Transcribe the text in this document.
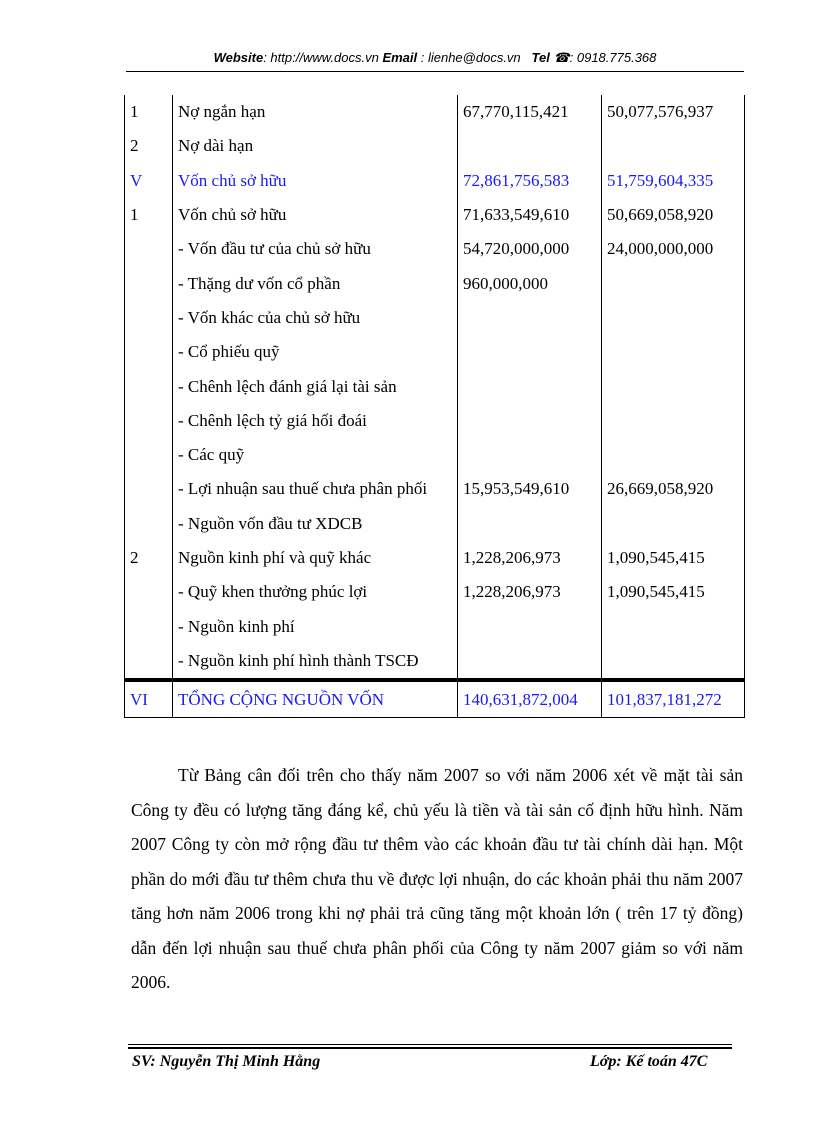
Website: http://www.docs.vn Email : lienhe@docs.vn Tel ☎: 0918.775.368
1	Nợ ngắn hạn	67,770,115,421	50,077,576,937
2	Nợ dài hạn		
V	Vốn chủ sở hữu	72,861,756,583	51,759,604,335
1	Vốn chủ sở hữu	71,633,549,610	50,669,058,920
	- Vốn đầu tư của chủ sở hữu	54,720,000,000	24,000,000,000
	- Thặng dư vốn cổ phần	960,000,000	
	- Vốn khác của chủ sở hữu		
	- Cổ phiếu quỹ		
	- Chênh lệch đánh giá lại tài sản		
	- Chênh lệch tỷ giá hối đoái		
	- Các quỹ		
	- Lợi nhuận sau thuế chưa phân phối	15,953,549,610	26,669,058,920
	- Nguồn vốn đầu tư XDCB		
2	Nguồn kinh phí và quỹ khác	1,228,206,973	1,090,545,415
	- Quỹ khen thưởng phúc lợi	1,228,206,973	1,090,545,415
	- Nguồn kinh phí		
	- Nguồn kinh phí hình thành TSCĐ		
VI	TỔNG CỘNG NGUỒN VỐN	140,631,872,004	101,837,181,272

Từ Bảng cân đối trên cho thấy năm 2007 so với năm 2006 xét về mặt tài sản Công ty đều có lượng tăng đáng kể, chủ yếu là tiền và tài sản cố định hữu hình. Năm 2007 Công ty còn mở rộng đầu tư thêm vào các khoản đầu tư tài chính dài hạn. Một phần do mới đầu tư thêm chưa thu về được lợi nhuận, do các khoản phải thu năm 2007 tăng hơn năm 2006 trong khi nợ phải trả cũng tăng một khoản lớn ( trên 17 tỷ đồng) dẫn đến lợi nhuận sau thuế chưa phân phối của Công ty năm 2007 giảm so với năm 2006.

SV: Nguyễn Thị Minh Hằng	Lớp: Kế toán 47C
